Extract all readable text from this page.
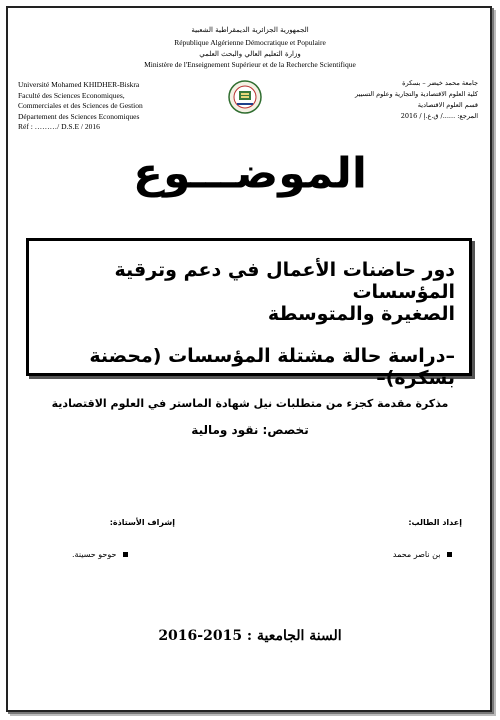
الجمهورية الجزائرية الديمقراطية الشعبية
République Algérienne Démocratique et Populaire
وزارة التعليم العالي والبحث العلمي
Ministère de l'Enseignement Supérieur et de la Recherche Scientifique
Université Mohamed KHIDHER-Biskra
Faculté des Sciences Economiques,
Commerciales et des Sciences de Gestion
Département des Sciences Economiques
Réf : ………/ D.S.E / 2016
جامعة محمد خيضر – بسكرة
كلية العلوم الاقتصادية والتجارية وعلوم التسيير
قسم العلوم الاقتصادية
المرجع: ....../ ق.ع.إ / 2016
الموضـــوع
دور حاضنات الأعمال في دعم وترقية المؤسسات
الصغيرة والمتوسطة
–دراسة حالة مشتلة المؤسسات (محضنة بسكرة)–
مذكرة مقدمة كجزء من متطلبات نيل شهادة الماستر في العلوم الاقتصادية
تخصص: نقود ومالية
إعداد الطالب:
إشراف الأستاذة:
بن ناصر محمد
حوحو حسينة.
السنة الجامعية : 2015-2016
